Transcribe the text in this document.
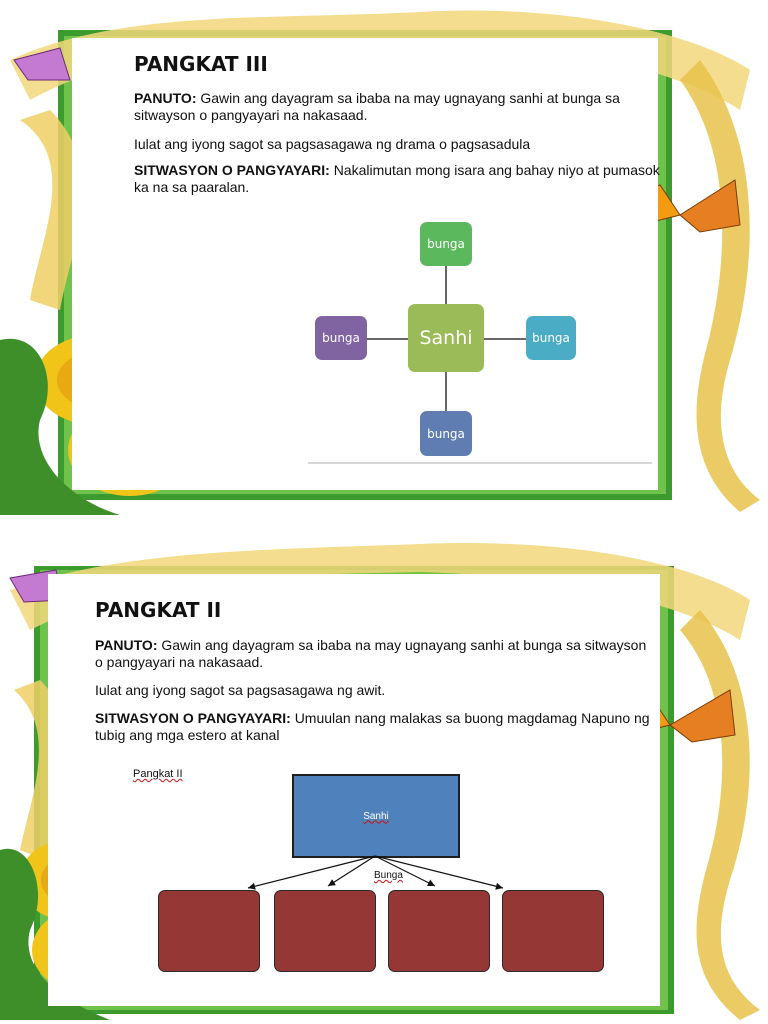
PANGKAT III

PANUTO: Gawin ang dayagram sa ibaba na may ugnayang sanhi at bunga sa sitwayson o pangyayari na nakasaad.

Iulat ang iyong sagot sa pagsasagawa ng drama o pagsasadula

SITWASYON O PANGYAYARI: Nakalimutan mong isara ang bahay niyo at pumasok ka na sa paaralan.

Sanhi
bunga
bunga	bunga
bunga
PANGKAT II

PANUTO: Gawin ang dayagram sa ibaba na may ugnayang sanhi at bunga sa sitwayson o pangyayari na nakasaad.

Iulat ang iyong sagot sa pagsasagawa ng awit.

SITWASYON O PANGYAYARI: Umuulan nang malakas sa buong magdamag Napuno ng tubig ang mga estero at kanal

Pangkat II
Sanhi
Bunga
